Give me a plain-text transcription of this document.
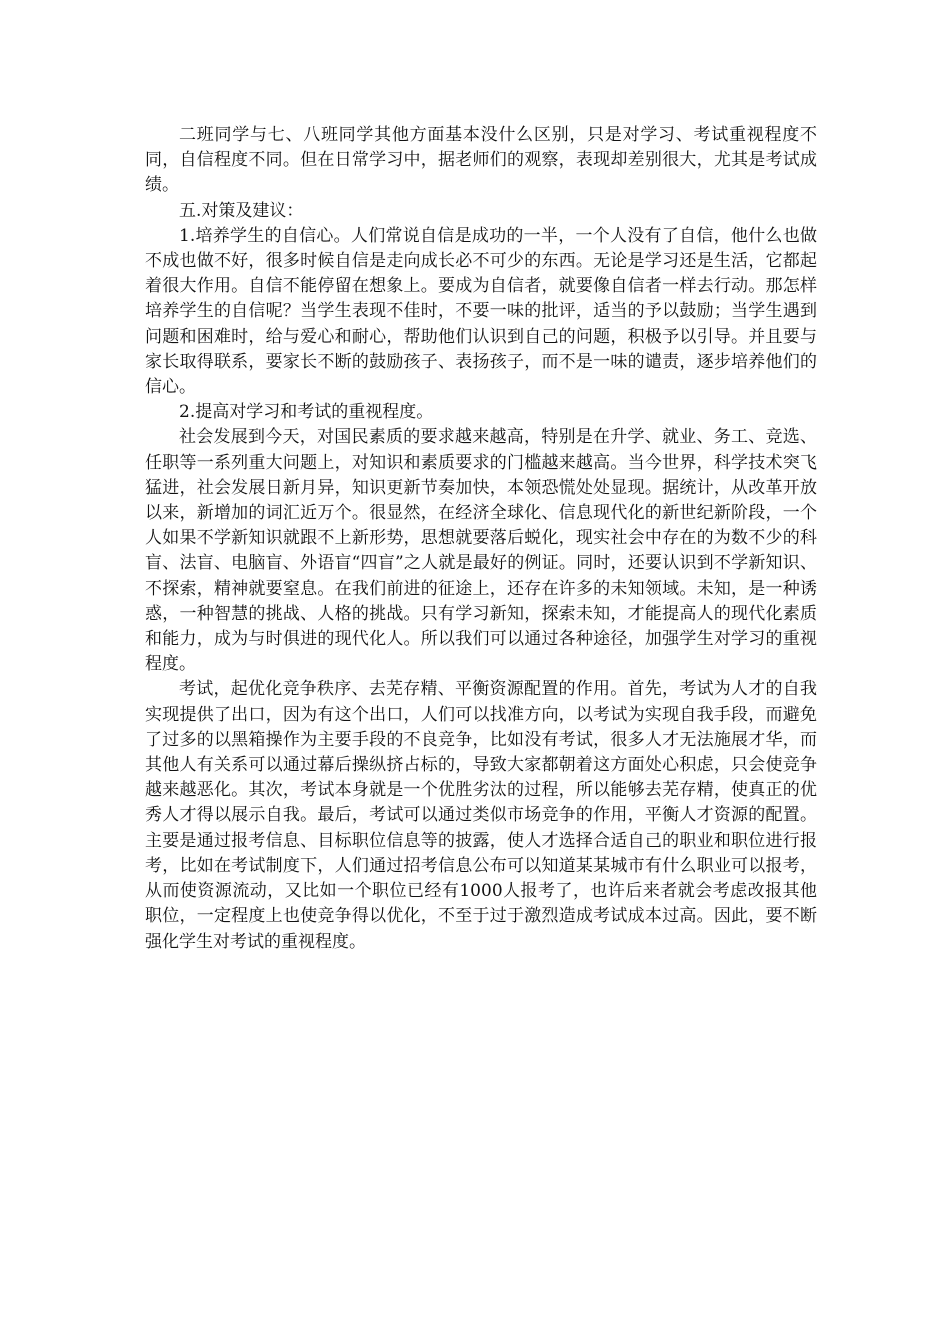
二班同学与七、八班同学其他方面基本没什么区别，只是对学习、考试重视程度不同，自信程度不同。但在日常学习中，据老师们的观察，表现却差别很大，尤其是考试成绩。

五.对策及建议：

1.培养学生的自信心。人们常说自信是成功的一半，一个人没有了自信，他什么也做不成也做不好，很多时候自信是走向成长必不可少的东西。无论是学习还是生活，它都起着很大作用。自信不能停留在想象上。要成为自信者，就要像自信者一样去行动。那怎样培养学生的自信呢？当学生表现不佳时，不要一味的批评，适当的予以鼓励；当学生遇到问题和困难时，给与爱心和耐心，帮助他们认识到自己的问题，积极予以引导。并且要与家长取得联系，要家长不断的鼓励孩子、表扬孩子，而不是一味的谴责，逐步培养他们的信心。

2.提高对学习和考试的重视程度。

社会发展到今天，对国民素质的要求越来越高，特别是在升学、就业、务工、竞选、任职等一系列重大问题上，对知识和素质要求的门槛越来越高。当今世界，科学技术突飞猛进，社会发展日新月异，知识更新节奏加快，本领恐慌处处显现。据统计，从改革开放以来，新增加的词汇近万个。很显然，在经济全球化、信息现代化的新世纪新阶段，一个人如果不学新知识就跟不上新形势，思想就要落后蜕化，现实社会中存在的为数不少的科盲、法盲、电脑盲、外语盲“四盲”之人就是最好的例证。同时，还要认识到不学新知识、不探索，精神就要窒息。在我们前进的征途上，还存在许多的未知领域。未知，是一种诱惑，一种智慧的挑战、人格的挑战。只有学习新知，探索未知，才能提高人的现代化素质和能力，成为与时俱进的现代化人。所以我们可以通过各种途径，加强学生对学习的重视程度。

考试，起优化竞争秩序、去芜存精、平衡资源配置的作用。首先，考试为人才的自我实现提供了出口，因为有这个出口，人们可以找准方向，以考试为实现自我手段，而避免了过多的以黑箱操作为主要手段的不良竞争，比如没有考试，很多人才无法施展才华，而其他人有关系可以通过幕后操纵挤占标的，导致大家都朝着这方面处心积虑，只会使竞争越来越恶化。其次，考试本身就是一个优胜劣汰的过程，所以能够去芜存精，使真正的优秀人才得以展示自我。最后，考试可以通过类似市场竞争的作用，平衡人才资源的配置。主要是通过报考信息、目标职位信息等的披露，使人才选择合适自己的职业和职位进行报考，比如在考试制度下，人们通过招考信息公布可以知道某某城市有什么职业可以报考，从而使资源流动，又比如一个职位已经有1000人报考了，也许后来者就会考虑改报其他职位，一定程度上也使竞争得以优化，不至于过于激烈造成考试成本过高。因此，要不断强化学生对考试的重视程度。
